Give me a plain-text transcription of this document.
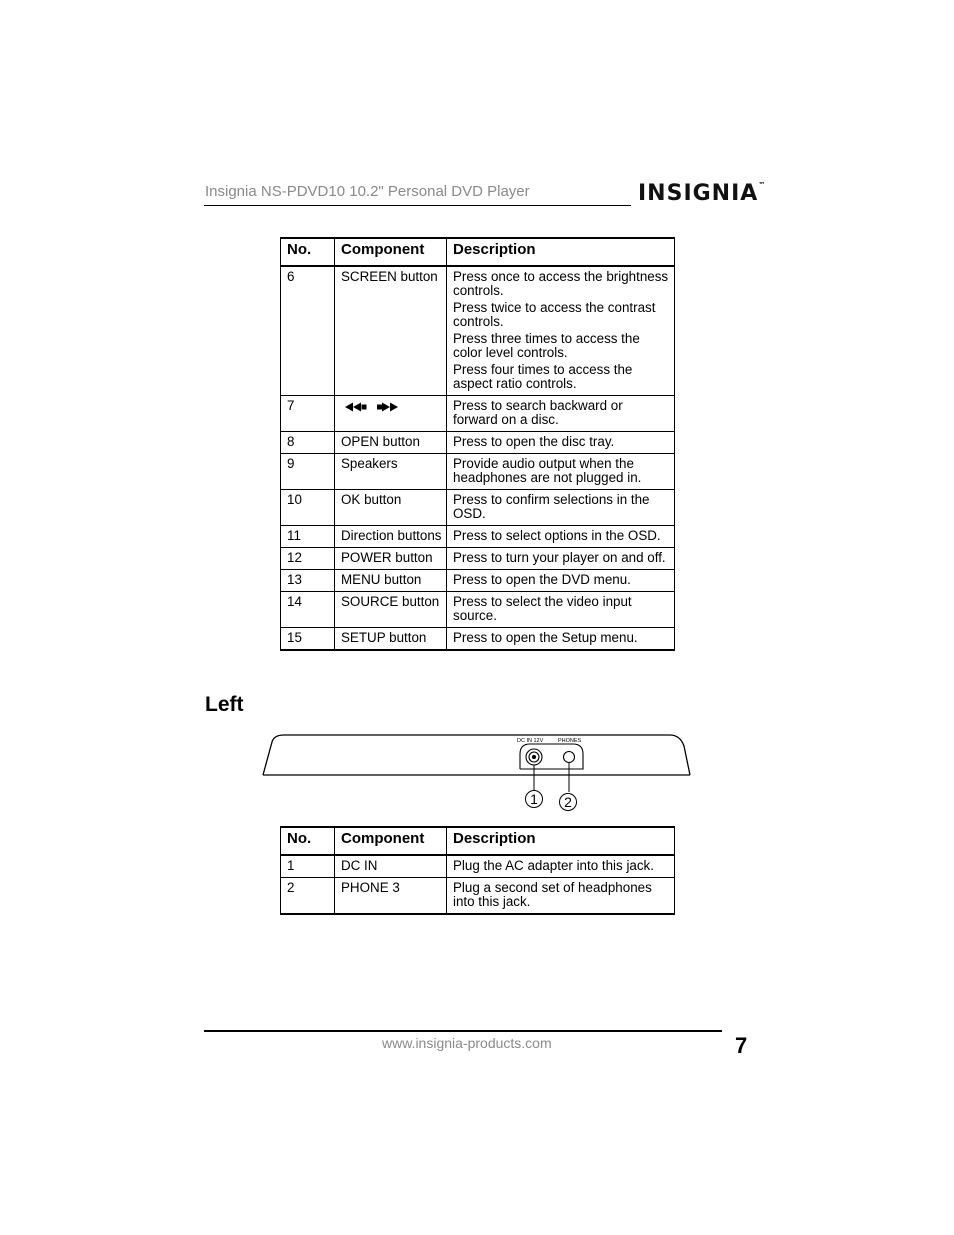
Insignia NS-PDVD10 10.2" Personal DVD Player	INSIGNIA™
No.	Component	Description
6	SCREEN button	Press once to access the brightness controls.
Press twice to access the contrast controls.
Press three times to access the color level controls.
Press four times to access the aspect ratio controls.

7		Press to search backward or forward on a disc.
8	OPEN button	Press to open the disc tray.
9	Speakers	Provide audio output when the headphones are not plugged in.
10	OK button	Press to confirm selections in the OSD.
11	Direction buttons	Press to select options in the OSD.
12	POWER button	Press to turn your player on and off.
13	MENU button	Press to open the DVD menu.
14	SOURCE button	Press to select the video input source.
15	SETUP button	Press to open the Setup menu.
Left
DC IN 12V	PHONES
1 2
No.	Component	Description
1	DC IN	Plug the AC adapter into this jack.
2	PHONE 3	Plug a second set of headphones into this jack.
www.insignia-products.com	7
